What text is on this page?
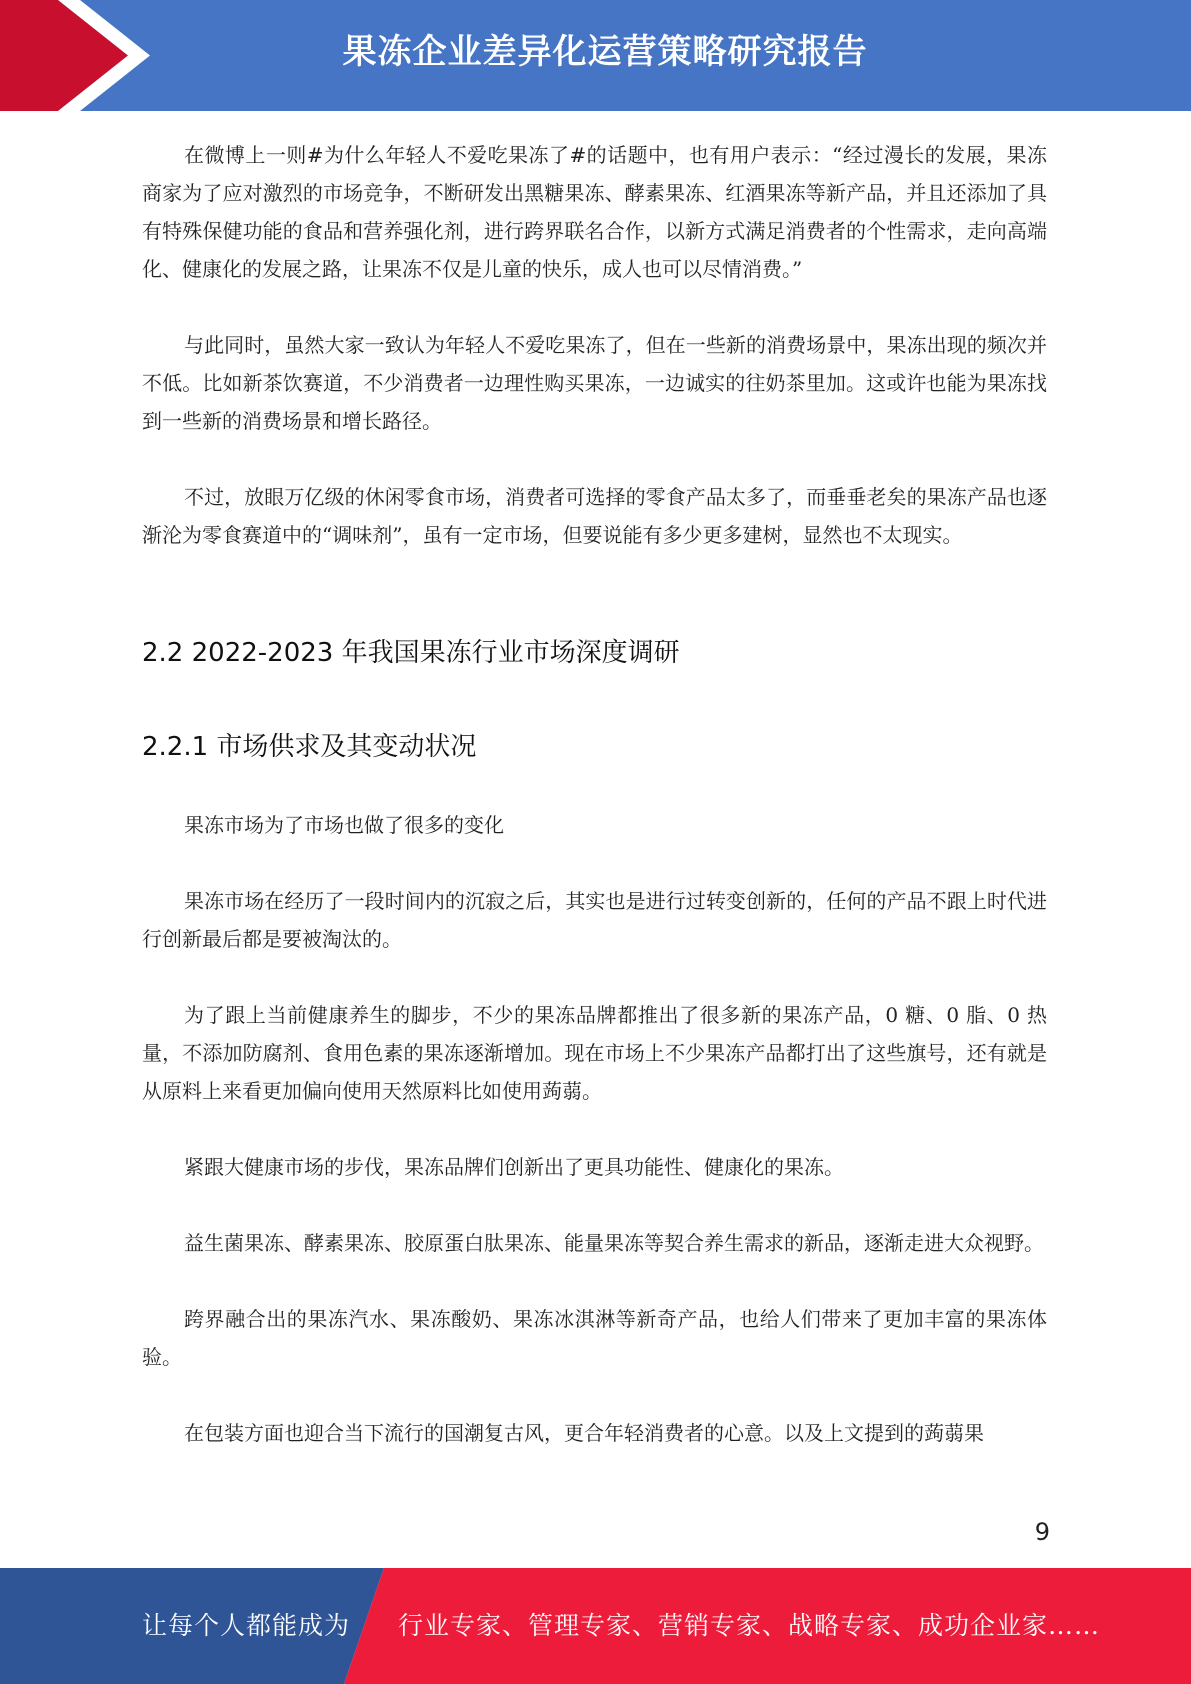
果冻企业差异化运营策略研究报告

在微博上一则#为什么年轻人不爱吃果冻了#的话题中，也有用户表示：“经过漫长的发展，果冻商家为了应对激烈的市场竞争，不断研发出黑糖果冻、酵素果冻、红酒果冻等新产品，并且还添加了具有特殊保健功能的食品和营养强化剂，进行跨界联名合作，以新方式满足消费者的个性需求，走向高端化、健康化的发展之路，让果冻不仅是儿童的快乐，成人也可以尽情消费。”

与此同时，虽然大家一致认为年轻人不爱吃果冻了，但在一些新的消费场景中，果冻出现的频次并不低。比如新茶饮赛道，不少消费者一边理性购买果冻，一边诚实的往奶茶里加。这或许也能为果冻找到一些新的消费场景和增长路径。

不过，放眼万亿级的休闲零食市场，消费者可选择的零食产品太多了，而垂垂老矣的果冻产品也逐渐沦为零食赛道中的“调味剂”，虽有一定市场，但要说能有多少更多建树，显然也不太现实。

2.2 2022-2023 年我国果冻行业市场深度调研
2.2.1 市场供求及其变动状况

果冻市场为了市场也做了很多的变化

果冻市场在经历了一段时间内的沉寂之后，其实也是进行过转变创新的，任何的产品不跟上时代进行创新最后都是要被淘汰的。

为了跟上当前健康养生的脚步，不少的果冻品牌都推出了很多新的果冻产品，0 糖、0 脂、0 热量，不添加防腐剂、食用色素的果冻逐渐增加。现在市场上不少果冻产品都打出了这些旗号，还有就是从原料上来看更加偏向使用天然原料比如使用蒟蒻。

紧跟大健康市场的步伐，果冻品牌们创新出了更具功能性、健康化的果冻。

益生菌果冻、酵素果冻、胶原蛋白肽果冻、能量果冻等契合养生需求的新品，逐渐走进大众视野。

跨界融合出的果冻汽水、果冻酸奶、果冻冰淇淋等新奇产品，也给人们带来了更加丰富的果冻体验。

在包装方面也迎合当下流行的国潮复古风，更合年轻消费者的心意。以及上文提到的蒟蒻果

9
让每个人都能成为 行业专家、管理专家、营销专家、战略专家、成功企业家……
